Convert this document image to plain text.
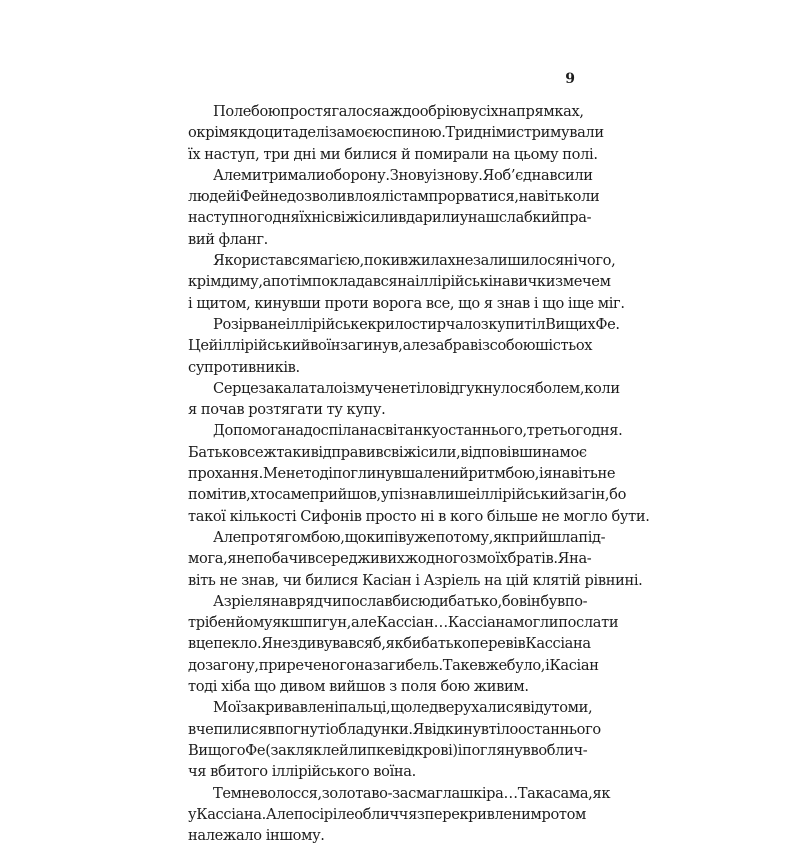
9
Поле бою простягалося аж до обрію в усіх напрямках,
окрім як до цитаделі за моєю спиною. Три дні ми стримували
їх наступ, три дні ми билися й помирали на цьому полі.
Але ми тримали оборону. Знову і знову. Я об’єднав сили
людей і Фе й не дозволив лоялістам прорватися, навіть коли
наступного дня їхні свіжі сили вдарили у наш слабкий пра-
вий фланг.
Я користався магією, поки в жилах не залишилося нічого,
крім диму, а потім покладався на іллірійські навички з мечем
і щитом, кинувши проти ворога все, що я знав і що іще міг.
Розірване іллірійське крило стирчало з купи тіл Вищих Фе.
Цей іллірійський воїн загинув, але забрав із собою шістьох
супротивників.
Серце закалатало і змучене тіло відгукнулося болем, коли
я почав розтягати ту купу.
Допомога надоспіла на світанку останнього, третього дня.
Батько все ж таки відправив свіжі сили, відповівши на моє
прохання. Мене тоді поглинув шалений ритм бою, і я навіть не
помітив, хто саме прийшов, упізнав лише іллірійський загін, бо
такої кількості Сифонів просто ні в кого більше не могло бути.
Але протягом бою, що кипів уже по тому, як прийшла під-
мога, я не побачив серед живих жодного з моїх братів. Я на-
віть не знав, чи билися Касіан і Азріель на цій клятій рівнині.
Азріеля навряд чи послав би сюди батько, бо він був по-
трібен йому як шпигун, але Кассіан… Кассіана могли послати
в це пекло. Я не здивувався б, якби батько перевів Кассіана
до загону, приреченого на загибель. Таке вже було, і Касіан
тоді хіба що дивом вийшов з поля бою живим.
Мої закривавлені пальці, що ледве рухалися від утоми,
вчепилися в погнуті обладунки. Я відкинув тіло останнього
Вищого Фе (заклякле й липке від крові) і поглянув в облич-
чя вбитого іллірійського воїна.
Темне волосся, золотаво-засмагла шкіра… Така сама, як
у Кассіана. Але посіріле обличчя з перекривленим ротом
належало іншому.
